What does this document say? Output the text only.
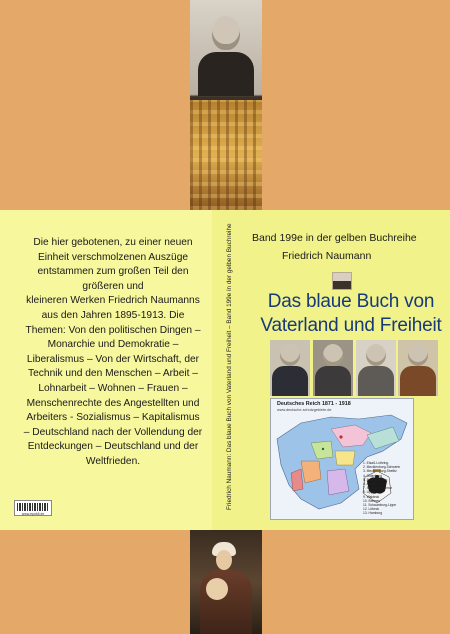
Die hier gebotenen, zu einer neuen
Einheit verschmolzenen Auszüge
entstammen zum großen Teil den
größeren und
kleineren Werken Friedrich Naumanns
aus den Jahren 1895-1913. Die
Themen: Von den politischen Dingen –
Monarchie und Demokratie –
Liberalismus – Von der Wirtschaft, der
Technik und den Menschen – Arbeit –
Lohnarbeit – Wohnen – Frauen –
Menschenrechte des Angestellten und
Arbeiters - Sozialismus – Kapitalismus
– Deutschland nach der Vollendung der
Entdeckungen – Deutschland und der
Weltfrieden.
www.epubli.de
Friedrich Naumann: Das blaue Buch von Vaterland und Freiheit – Band 199e in der gelben Buchreihe Band 199e in der gelben Buchreihe
Friedrich Naumann
Das blaue Buch von
Vaterland und Freiheit
Deutsches Reich 1871 - 1918
www.deutsche-schutzgebiete.de
1. Elsaß-Lothring.
2. Mecklenburg-Schwerin
3. Mecklenburg-Strelitz
4. Oldenburg
5. Braunschweig
6. Anhalt
7. Sachsen-Weimar
8. Lippe
9. Waldeck
10. Bremen
11. Schaumburg-Lippe
12. Lübeck
13. Hamburg
